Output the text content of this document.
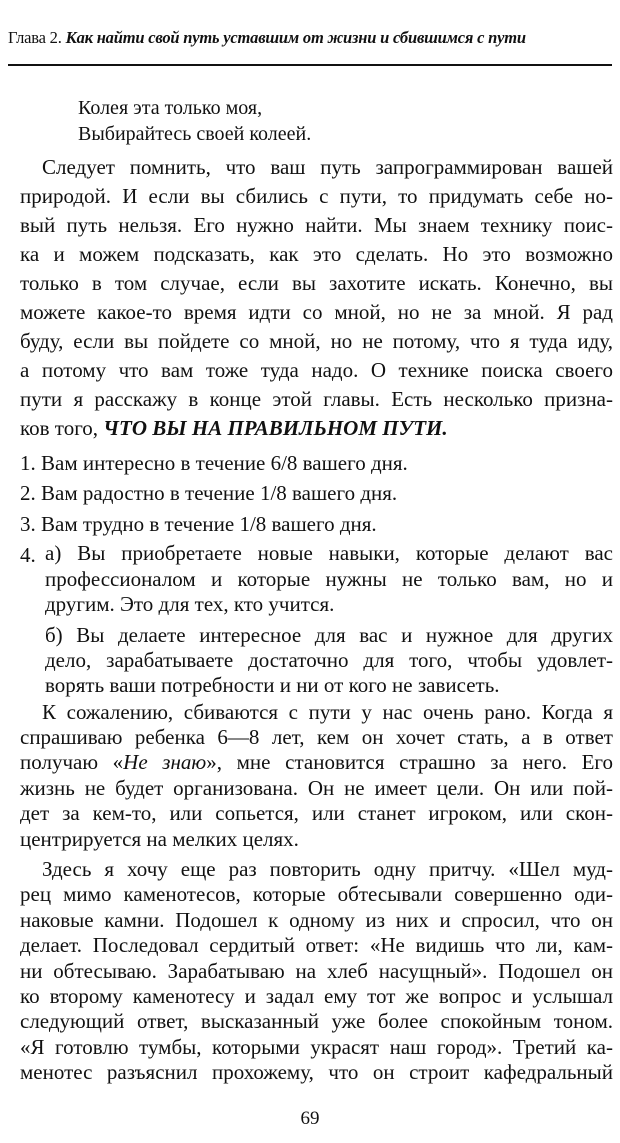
Глава 2. Как найти свой путь уставшим от жизни и сбившимся с пути
Колея эта только моя,
Выбирайтесь своей колеей.
Следует помнить, что ваш путь запрограммирован вашей
природой. И если вы сбились с пути, то придумать себе но-
вый путь нельзя. Его нужно найти. Мы знаем технику поис-
ка и можем подсказать, как это сделать. Но это возможно
только в том случае, если вы захотите искать. Конечно, вы
можете какое-то время идти со мной, но не за мной. Я рад
буду, если вы пойдете со мной, но не потому, что я туда иду,
а потому что вам тоже туда надо. О технике поиска своего
пути я расскажу в конце этой главы. Есть несколько призна-
ков того, ЧТО ВЫ НА ПРАВИЛЬНОМ ПУТИ.
1. Вам интересно в течение 6/8 вашего дня.
2. Вам радостно в течение 1/8 вашего дня.
3. Вам трудно в течение 1/8 вашего дня.
4. а) Вы приобретаете новые навыки, которые делают вас
профессионалом и которые нужны не только вам, но и
другим. Это для тех, кто учится.
б) Вы делаете интересное для вас и нужное для других
дело, зарабатываете достаточно для того, чтобы удовлет-
ворять ваши потребности и ни от кого не зависеть.
К сожалению, сбиваются с пути у нас очень рано. Когда я
спрашиваю ребенка 6—8 лет, кем он хочет стать, а в ответ
получаю «Не знаю», мне становится страшно за него. Его
жизнь не будет организована. Он не имеет цели. Он или пой-
дет за кем-то, или сопьется, или станет игроком, или скон-
центрируется на мелких целях.
Здесь я хочу еще раз повторить одну притчу. «Шел муд-
рец мимо каменотесов, которые обтесывали совершенно оди-
наковые камни. Подошел к одному из них и спросил, что он
делает. Последовал сердитый ответ: «Не видишь что ли, кам-
ни обтесываю. Зарабатываю на хлеб насущный». Подошел он
ко второму каменотесу и задал ему тот же вопрос и услышал
следующий ответ, высказанный уже более спокойным тоном.
«Я готовлю тумбы, которыми украсят наш город». Третий ка-
менотес разъяснил прохожему, что он строит кафедральный
69
